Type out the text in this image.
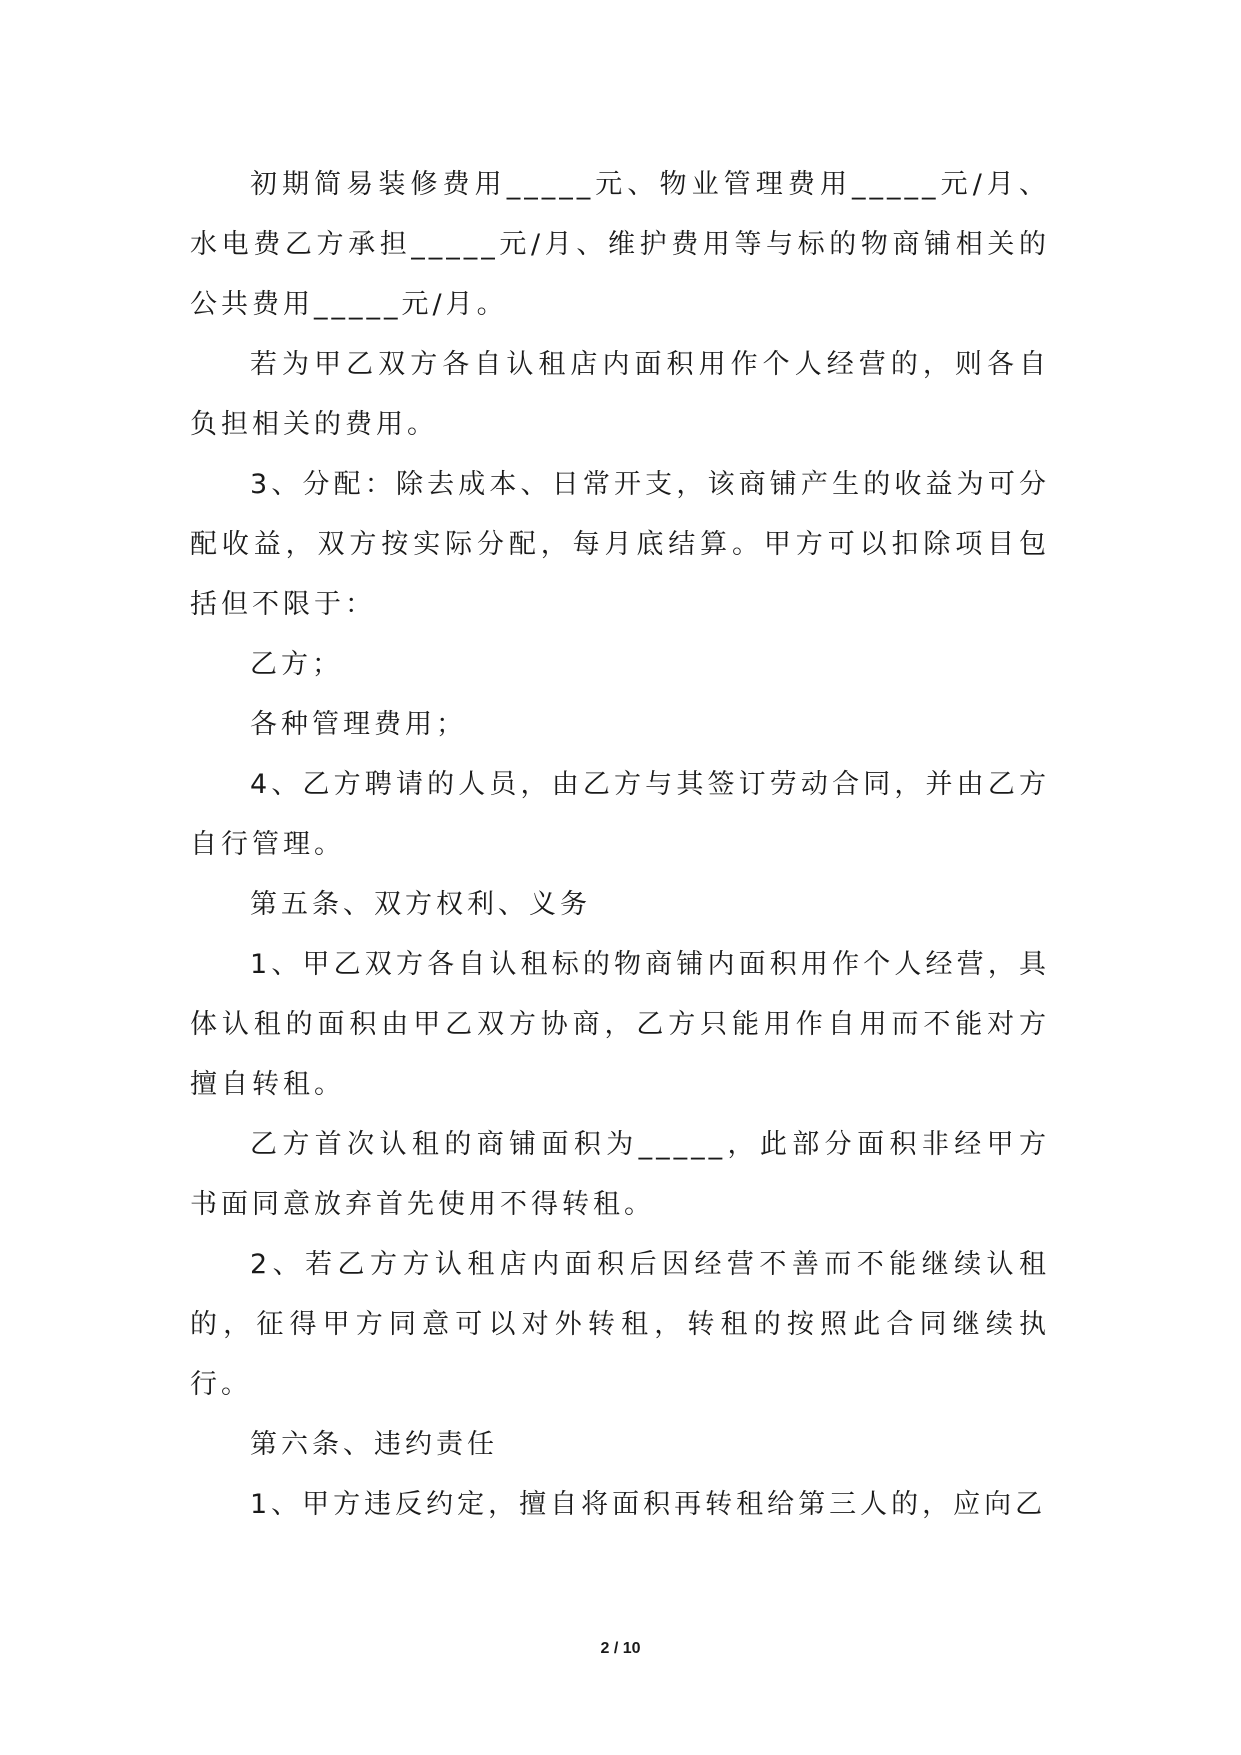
初期简易装修费用_____元、物业管理费用_____元/月、水电费乙方承担_____元/月、维护费用等与标的物商铺相关的公共费用_____元/月。

若为甲乙双方各自认租店内面积用作个人经营的，则各自负担相关的费用。

3、分配：除去成本、日常开支，该商铺产生的收益为可分配收益，双方按实际分配，每月底结算。甲方可以扣除项目包括但不限于：

乙方；

各种管理费用；

4、乙方聘请的人员，由乙方与其签订劳动合同，并由乙方自行管理。

第五条、双方权利、义务

1、甲乙双方各自认租标的物商铺内面积用作个人经营，具体认租的面积由甲乙双方协商，乙方只能用作自用而不能对方擅自转租。

乙方首次认租的商铺面积为_____，此部分面积非经甲方书面同意放弃首先使用不得转租。

2、若乙方方认租店内面积后因经营不善而不能继续认租的，征得甲方同意可以对外转租，转租的按照此合同继续执行。

第六条、违约责任

1、甲方违反约定，擅自将面积再转租给第三人的，应向乙

2 / 10
